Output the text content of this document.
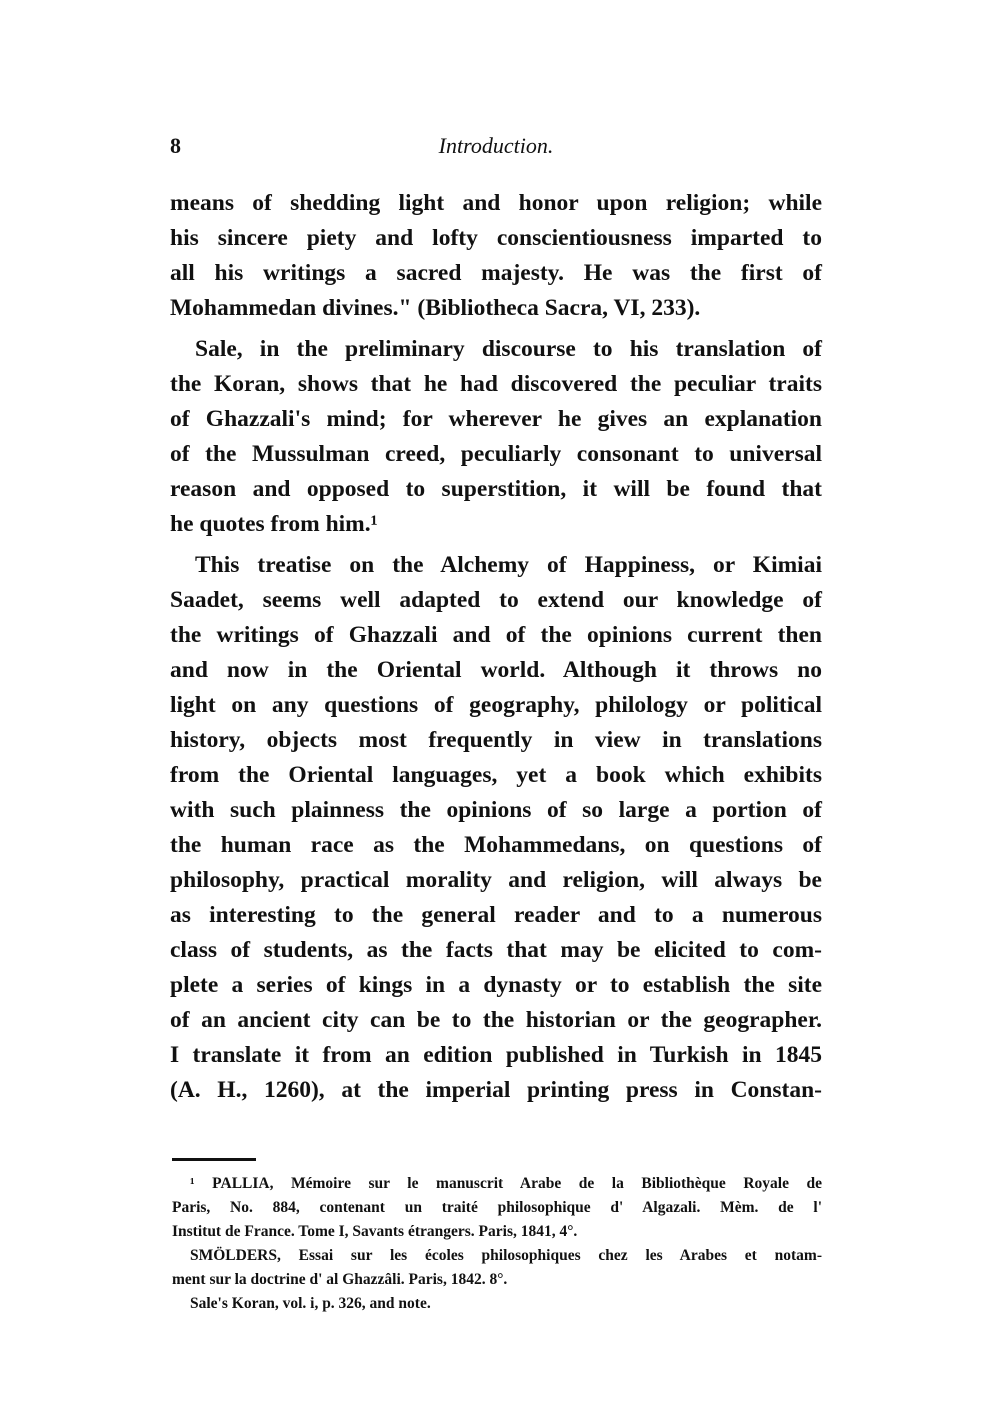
8	Introduction.
means of shedding light and honor upon religion; while
his sincere piety and lofty conscientiousness imparted to
all his writings a sacred majesty. He was the first of
Mohammedan divines." (Bibliotheca Sacra, VI, 233).
Sale, in the preliminary discourse to his translation of
the Koran, shows that he had discovered the peculiar traits
of Ghazzali's mind; for wherever he gives an explanation
of the Mussulman creed, peculiarly consonant to universal
reason and opposed to superstition, it will be found that
he quotes from him.¹
This treatise on the Alchemy of Happiness, or Kimiai
Saadet, seems well adapted to extend our knowledge of
the writings of Ghazzali and of the opinions current then
and now in the Oriental world. Although it throws no
light on any questions of geography, philology or political
history, objects most frequently in view in translations
from the Oriental languages, yet a book which exhibits
with such plainness the opinions of so large a portion of
the human race as the Mohammedans, on questions of
philosophy, practical morality and religion, will always be
as interesting to the general reader and to a numerous
class of students, as the facts that may be elicited to com-
plete a series of kings in a dynasty or to establish the site
of an ancient city can be to the historian or the geographer.
I translate it from an edition published in Turkish in 1845
(A. H., 1260), at the imperial printing press in Constan-
¹ PALLIA, Mémoire sur le manuscrit Arabe de la Bibliothèque Royale de
Paris, No. 884, contenant un traité philosophique d' Algazali. Mèm. de l'
Institut de France. Tome I, Savants étrangers. Paris, 1841, 4°.
SMÖLDERS, Essai sur les écoles philosophiques chez les Arabes et notam-
ment sur la doctrine d' al Ghazzâli. Paris, 1842. 8°.
Sale's Koran, vol. i, p. 326, and note.
